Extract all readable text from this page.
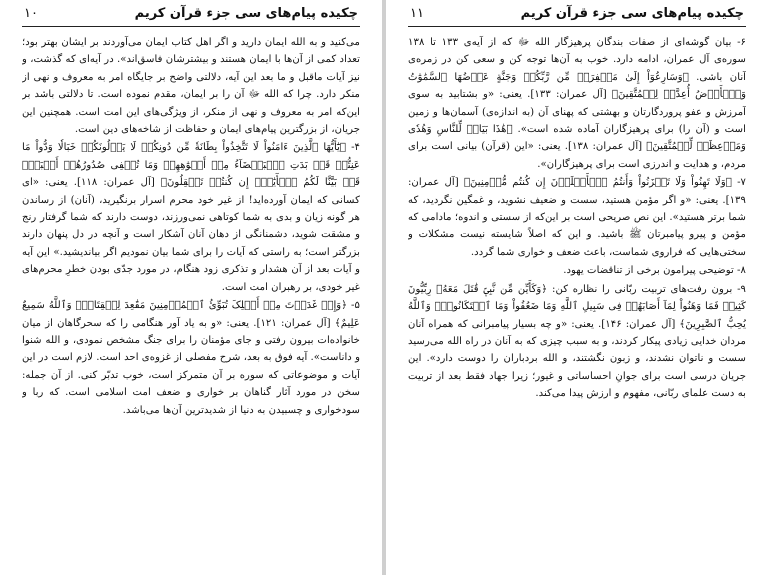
چکیده پیام‌های سی جزء قرآن کریم
۱۰

می‌کنید و به الله ایمان دارید و اگر اهل کتاب ایمان می‌آوردند بر ایشان بهتر بود؛ تعداد کمی از آن‌ها با ایمان هستند و بیشترشان فاسق‌اند». در آیه‌ای که گذشت، و نیز آیات ماقبل و ما بعد این آیه، دلالتی واضح بر جایگاه امر به معروف و نهی از منکر دارد. چرا که الله ﷻ آن را بر ایمان، مقدم نموده است. تا دلالتی باشد بر این‌که امر به معروف و نهی از منکر، از ویژگی‌های این امت است. همچنین این جریان، از بزرگترین پیام‌های ایمان و حفاظت از شاخه‌های دین است.

۴- ﴿یَٰٓأَیُّهَا ٱلَّذِینَ ءَامَنُواْ لَا تَتَّخِذُواْ بِطَانَةٗ مِّن دُونِکُمۡ لَا یَأۡلُونَکُمۡ خَبَالٗا وَدُّواْ مَا عَنِتُّمۡ قَدۡ بَدَتِ ٱلۡبَغۡضَآءُ مِنۡ أَفۡوَٰهِهِمۡ وَمَا تُخۡفِی صُدُورُهُمۡ أَکۡبَرُۚ قَدۡ بَیَّنَّا لَکُمُ ٱلۡأٓیَٰتِۖ إِن کُنتُمۡ تَعۡقِلُونَ﴾ [آل عمران: ۱۱۸]. یعنی: «ای کسانی که ایمان آورده‌اید! از غیر خود محرم اسرار برنگیرید، (آنان) از رساندن هر گونه زیان و بدی به شما کوتاهی نمی‌ورزند، دوست دارند که شما گرفتار رنج و مشقت شوید، دشمنانگی از دهان آنان آشکار است و آنچه در دل پنهان دارند بزرگتر است؛ به راستی که آیات را برای شما بیان نمودیم اگر بیاندیشید.» این آیه و آیات بعد از آن هشدار و تذکری زود هنگام، در مورد جدّی بودن خطرِ محرم‌های غیر خودی، بر رهبران امت است.

۵- ﴿وَإِذۡ غَدَوۡتَ مِنۡ أَهۡلِکَ تُبَوِّئُ ٱلۡمُؤۡمِنِینَ مَقَٰعِدَ لِلۡقِتَالِۗ وَٱللَّهُ سَمِیعٌ عَلِیمٌ﴾ [آل عمران: ۱۲۱]. یعنی: «و به یاد آور هنگامی را که سحرگاهان از میان خانواده‌ات بیرون رفتی و جای مؤمنان را برای جنگ مشخص نمودی، و الله شنوا و داناست». آیه فوق به بعد، شرح مفصلی از غزوه‌ی احد است. لازم است در این آیات و موضوعاتی که سوره بر آن متمرکز است، خوب تدبّر کنی. از آن جمله: سخن در مورد آثار گناهان بر خواری و ضعف امت اسلامی است. که ربا و سودخواری و چسبیدن به دنیا از شدیدترین آن‌ها می‌باشد.

چکیده پیام‌های سی جزء قرآن کریم
۱۱

۶- بیان گوشه‌ای از صفات بندگان پرهیزگار الله ﷻ که از آیه‌ی ۱۳۳ تا ۱۳۸ سوره‌ی آل عمران، ادامه دارد. خوب به آن‌ها توجه کن و سعی کن در زمره‌ی آنان باشی. ﴿وَسَارِعُوٓاْ إِلَىٰ مَغۡفِرَةٖ مِّن رَّبِّکُمۡ وَجَنَّةٍ عَرۡضُهَا ٱلسَّمَٰوَٰتُ وَٱلۡأَرۡضُ أُعِدَّتۡ لِلۡمُتَّقِینَ﴾ [آل عمران: ۱۳۳]. یعنی: «و بشتابید به سوی آمرزش و عفو پروردگارتان و بهشتی که پهنای آن (به اندازه‌ی) آسمان‌ها و زمین است و (آن را) برای پرهیزگاران آماده شده است». ﴿هَٰذَا بَیَانٞ لِّلنَّاسِ وَهُدٗى وَمَوۡعِظَةٞ لِّلۡمُتَّقِینَ﴾ [آل عمران: ۱۳۸]. یعنی: «این (قرآن) بیانی است برای مردم، و هدایت و اندرزی است برای پرهیزگاران».

۷- ﴿وَلَا تَهِنُواْ وَلَا تَحۡزَنُواْ وَأَنتُمُ ٱلۡأَعۡلَوۡنَ إِن کُنتُم مُّؤۡمِنِینَ﴾ [آل عمران: ۱۳۹]. یعنی: «و اگر مؤمن هستید، سست و ضعیف نشوید، و غمگین نگردید، که شما برتر هستید». این نص صریحی است بر این‌که از سستی و اندوه؛ مادامی که مؤمن و پیرو پیامبرتان ﷺ باشید. و این که اصلاً شایسته نیست مشکلات و سختی‌هایی که فراروی شماست، باعث ضعف و خواری شما گردد.

۸- توضیحی پیرامون برخی از تناقضات یهود.

۹- برون رفت‌های تربیت ربّانی را نظاره کن: ﴿وَکَأَیِّن مِّن نَّبِیّٖ قَٰتَلَ مَعَهُۥ رِبِّیُّونَ کَثِیرٞ فَمَا وَهَنُواْ لِمَآ أَصَابَهُمۡ فِی سَبِیلِ ٱللَّهِ وَمَا ضَعُفُواْ وَمَا ٱسۡتَکَانُواْۗ وَٱللَّهُ یُحِبُّ ٱلصَّٰبِرِینَ﴾ [آل عمران: ۱۴۶]. یعنی: «و چه بسیار پیامبرانی که همراه آنان مردان خدایی زیادی پیکار کردند، و به سبب چیزی که به آنان در راه الله می‌رسید سست و ناتوان نشدند، و زبون نگشتند، و الله بردباران را دوست دارد». این جریان درسی است برای جوانِ احساساتی و غیور؛ زیرا جهاد فقط بعد از تربیت به دست علمای ربّانی، مفهوم و ارزش پیدا می‌کند.
